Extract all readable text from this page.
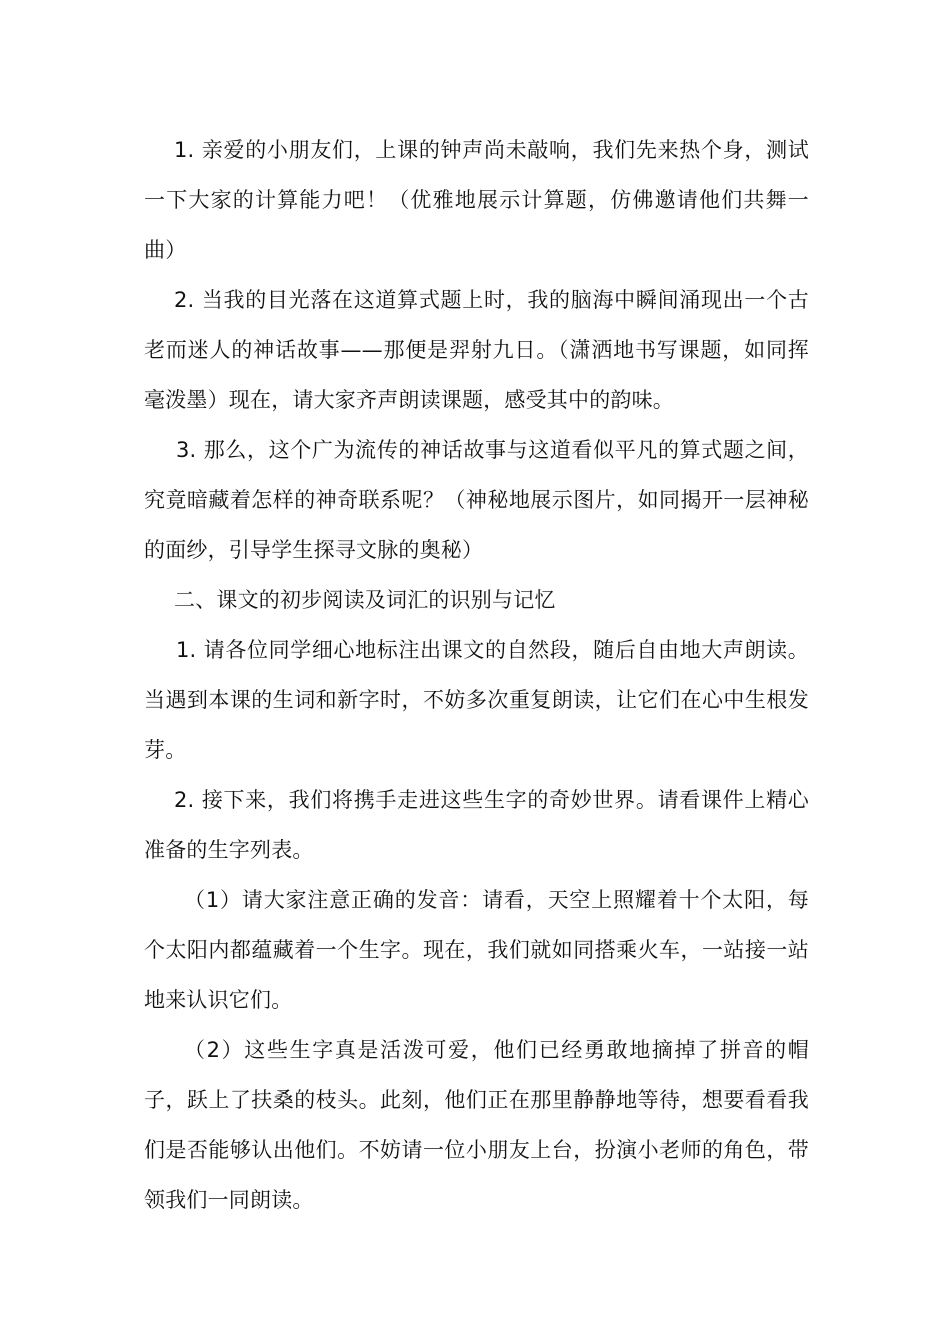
1. 亲爱的小朋友们，上课的钟声尚未敲响，我们先来热个身，测试一下大家的计算能力吧！（优雅地展示计算题，仿佛邀请他们共舞一曲）

2. 当我的目光落在这道算式题上时，我的脑海中瞬间涌现出一个古老而迷人的神话故事——那便是羿射九日。（潇洒地书写课题，如同挥毫泼墨）现在，请大家齐声朗读课题，感受其中的韵味。

3. 那么，这个广为流传的神话故事与这道看似平凡的算式题之间，究竟暗藏着怎样的神奇联系呢？（神秘地展示图片，如同揭开一层神秘的面纱，引导学生探寻文脉的奥秘）

二、课文的初步阅读及词汇的识别与记忆

1. 请各位同学细心地标注出课文的自然段，随后自由地大声朗读。当遇到本课的生词和新字时，不妨多次重复朗读，让它们在心中生根发芽。

2. 接下来，我们将携手走进这些生字的奇妙世界。请看课件上精心准备的生字列表。

（1）请大家注意正确的发音：请看，天空上照耀着十个太阳，每个太阳内都蕴藏着一个生字。现在，我们就如同搭乘火车，一站接一站地来认识它们。

（2）这些生字真是活泼可爱，他们已经勇敢地摘掉了拼音的帽子，跃上了扶桑的枝头。此刻，他们正在那里静静地等待，想要看看我们是否能够认出他们。不妨请一位小朋友上台，扮演小老师的角色，带领我们一同朗读。
